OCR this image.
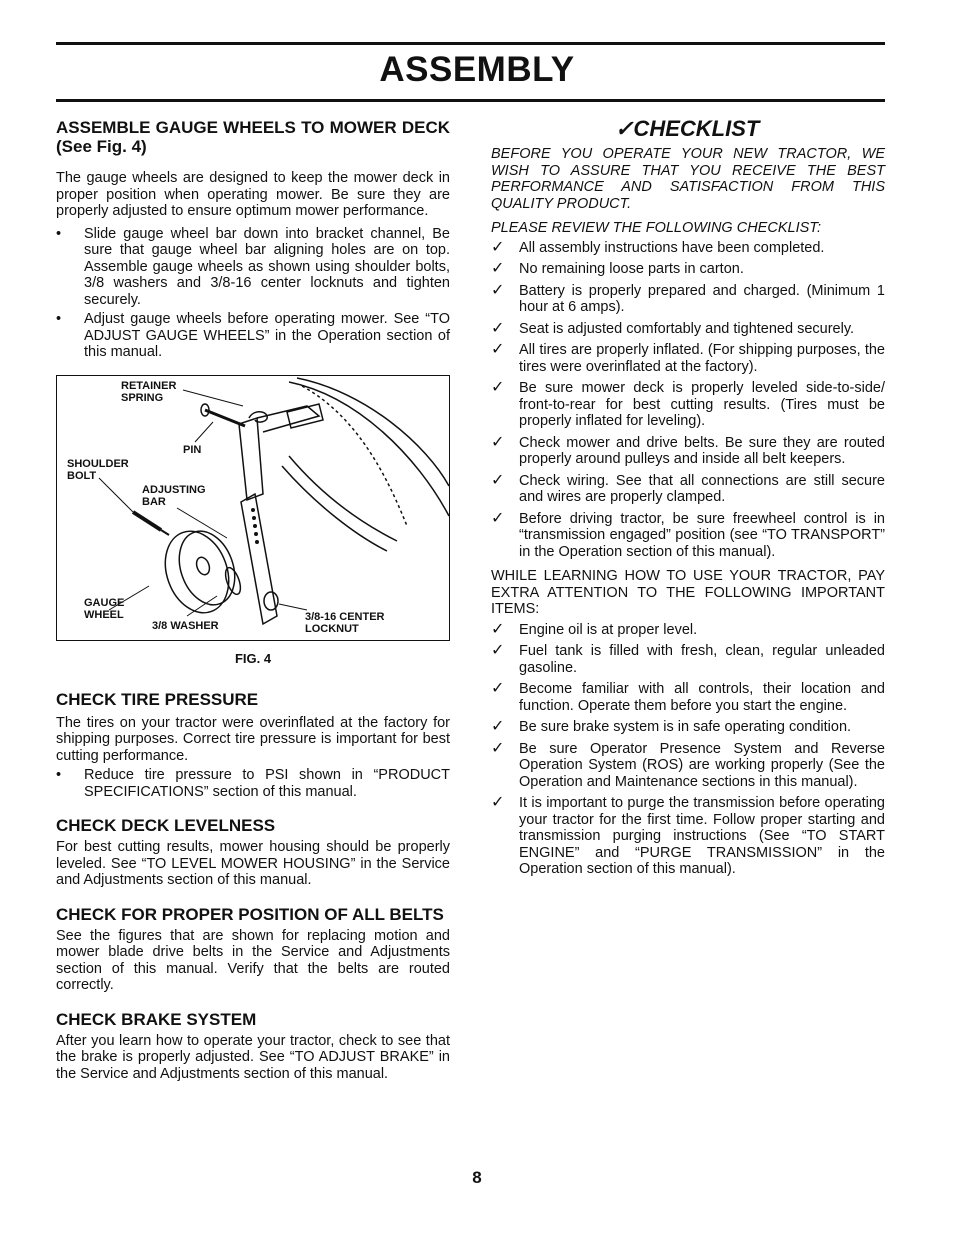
ASSEMBLY
ASSEMBLE GAUGE WHEELS TO MOWER DECK (See Fig. 4)

The gauge wheels are designed to keep the mower deck in proper position when operating mower. Be sure they are properly adjusted to ensure optimum mower performance.

•	Slide gauge wheel bar down into bracket channel, Be sure that gauge wheel bar aligning holes are on top. Assemble gauge wheels as shown using shoulder bolts, 3/8 washers and 3/8-16 center locknuts and tighten securely.
•	Adjust gauge wheels before operating mower. See “TO ADJUST GAUGE WHEELS” in the Operation section of this manual.
RETAINER SPRING
PIN
SHOULDER BOLT
ADJUSTING BAR
GAUGE WHEEL
3/8 WASHER
3/8-16 CENTER LOCKNUT
FIG. 4
CHECK TIRE PRESSURE

The tires on your tractor were overinflated at the factory for shipping purposes. Correct tire pressure is important for best cutting performance.

•	Reduce tire pressure to PSI shown in “PRODUCT SPECIFICATIONS” section of this manual.
CHECK DECK LEVELNESS

For best cutting results, mower housing should be properly leveled. See “TO LEVEL MOWER HOUSING” in the Service and Adjustments section of this manual.

CHECK FOR PROPER POSITION OF ALL BELTS

See the figures that are shown for replacing motion and mower blade drive belts in the Service and Adjustments section of this manual. Verify that the belts are routed correctly.

CHECK BRAKE SYSTEM

After you learn how to operate your tractor, check to see that the brake is properly adjusted. See “TO ADJUST BRAKE” in the Service and Adjustments section of this manual.

✓CHECKLIST

BEFORE YOU OPERATE YOUR NEW TRACTOR, WE WISH TO ASSURE THAT YOU RECEIVE THE BEST PERFORMANCE AND SATISFACTION FROM THIS QUALITY PRODUCT.

PLEASE REVIEW THE FOLLOWING CHECKLIST:

✓	All assembly instructions have been completed.
✓	No remaining loose parts in carton.
✓	Battery is properly prepared and charged. (Minimum 1 hour at 6 amps).
✓	Seat is adjusted comfortably and tightened securely.
✓	All tires are properly inflated. (For shipping purposes, the tires were overinflated at the factory).
✓	Be sure mower deck is properly leveled side-to-side/ front-to-rear for best cutting results. (Tires must be properly inflated for leveling).
✓	Check mower and drive belts. Be sure they are routed properly around pulleys and inside all belt keepers.
✓	Check wiring. See that all connections are still secure and wires are properly clamped.
✓	Before driving tractor, be sure freewheel control is in “transmission engaged” position (see “TO TRANSPORT” in the Operation section of this manual).

WHILE LEARNING HOW TO USE YOUR TRACTOR, PAY EXTRA ATTENTION TO THE FOLLOWING IMPORTANT ITEMS:

✓	Engine oil is at proper level.
✓	Fuel tank is filled with fresh, clean, regular unleaded gasoline.
✓	Become familiar with all controls, their location and function. Operate them before you start the engine.
✓	Be sure brake system is in safe operating condition.
✓	Be sure Operator Presence System and Reverse Operation System (ROS) are working properly (See the Operation and Maintenance sections in this manual).
✓	It is important to purge the transmission before operating your tractor for the first time. Follow proper starting and transmission purging instructions (See “TO START ENGINE” and “PURGE TRANSMISSION” in the Operation section of this manual).
8
